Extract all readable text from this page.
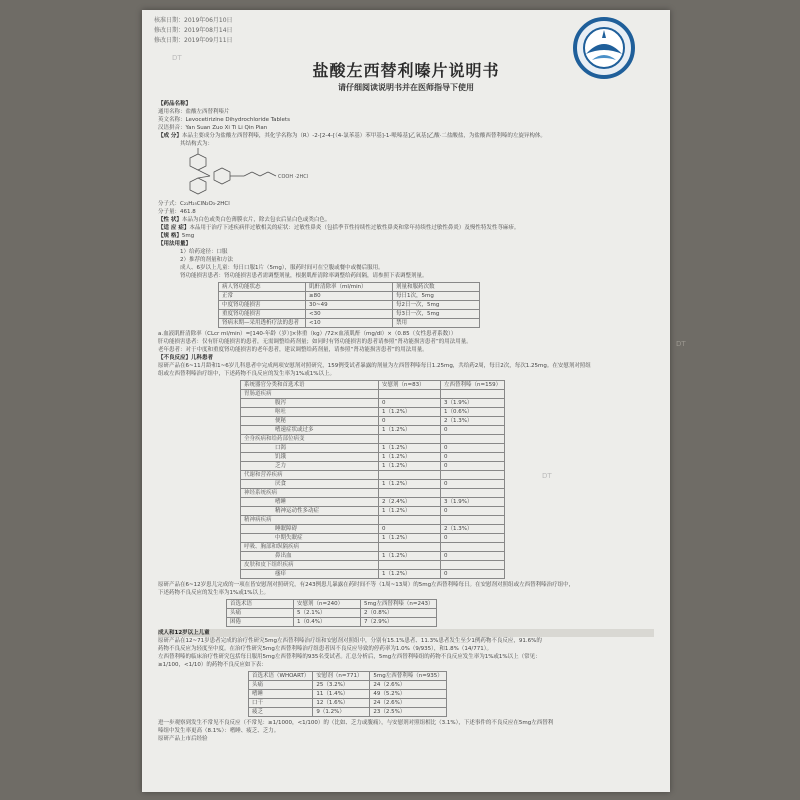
核准日期：2019年06月10日
修改日期：2019年08月14日
修改日期：2019年09月11日
DT
DT
盐酸左西替利嗪片说明书
请仔细阅读说明书并在医师指导下使用
【药品名称】
通用名称：盐酸左西替利嗪片
英文名称：Levocetirizine Dihydrochloride Tablets
汉语拼音：Yan Suan Zuo Xi Ti Li Qin Pian
【成 分】本品主要成分为盐酸左西替利嗪，其化学名称为（R）-2-[2-4-[（4-氯苯基）苯甲基]-1-哌嗪基]乙氧基]乙酸·二盐酸盐，为盐酸西替利嗪的左旋异构体。
其结构式为：
COOH ·2HCl
分子式：C₂₁H₂₅ClN₂O₃·2HCl
分子量：461.8
【性 状】本品为白色或类白色薄膜衣片，除去包衣后显白色或类白色。
【适 应 症】本品用于治疗下述疾病伴过敏相关的症状：过敏性鼻炎（包括季节性持续性过敏性鼻炎和常年持续性过敏性鼻炎）及慢性特发性荨麻疹。
【规 格】5mg
【用法用量】
1）给药途径：口服
2）推荐的剂量和方法
成人、6岁以上儿童：每日口服1片（5mg），服药时间可在空腹或餐中或餐后服用。
肾功能损害患者：肾功能损害患者需调整剂量，根据肌酐清除率调整给药间隔，请参照下表调整剂量。
病人肾功能状态	肌酐清除率（ml/min）	剂量和服药次数
正常	≥80	每日1次，5mg
中度肾功能损害	30~49	每2日一次，5mg
重度肾功能损害	<30	每3日一次，5mg
肾病末期—采用透析疗法的患者	<10	禁用
a.血液肌酐清除率（CLcr ml/min）=[140-年龄（岁）]×体重（kg）/72×血液肌酐（mg/dl）×（0.85（女性患者系数））
肝功能损害患者：仅有肝功能损害的患者，无需调整给药剂量；如同时有肾功能损害的患者请参照“肾功能损害患者”的用法用量。
老年患者：对于中度和重度肾功能损害的老年患者，建议调整给药剂量，请参照“肾功能损害患者”的用法用量。
【不良反应】儿科患者
原研产品在6~11月龄和1~6岁儿科患者中完成两项安慰剂对照研究，159例受试者暴露的剂量为左西替利嗪每日1.25mg，共给药2周，每日2次，每次1.25mg。在安慰剂对照组
组或左西替利嗪治疗组中，下述药物不良反应的发生率为1%或1%以上。
系统器官分类和首选术语	安慰剂（n=83）	左西替利嗪（n=159）
胃肠道疾病		
腹泻	0	3（1.9%）
呕吐	1（1.2%）	1（0.6%）
便秘	0	2（1.3%）
嗜速症状或过多	1（1.2%）	0
全身疾病和给药部位病变		
口渴	1（1.2%）	0
饥饿	1（1.2%）	0
乏力	1（1.2%）	0
代谢和营养疾病		
厌食	1（1.2%）	0
神经系统疾病		
嗜睡	2（2.4%）	3（1.9%）
精神运动性多动症	1（1.2%）	0
精神病疾病		
睡眠障碍	0	2（1.3%）
中期失眠症	1（1.2%）	0
呼吸、胸部和纵隔疾病		
鼻出血	1（1.2%）	0
皮肤和皮下组织疾病		
瘙痒	1（1.2%）	0
原研产品在6~12岁患儿完成的一项在皆安慰剂对照研究，有243例患儿暴露在药时间不等（1周~13周）的5mg左西替利嗪每日。在安慰剂对照组或左西替利嗪治疗组中，
下述药物不良反应的发生率为1%或1%以上。
首选术语	安慰剂（n=240）	5mg左西替利嗪（n=243）
头痛	5（2.1%）	2（0.8%）
困倦	1（0.4%）	7（2.9%）
成人和12岁以上儿童
原研产品在12~71岁患者完成的治疗性研究5mg左西替利嗪治疗组和安慰剂对照组中，分别有15.1%患者、11.3%患者发生至少1例药物不良反应，91.6%的
药物不良反应为轻度至中度。在治疗性研究5mg左西替利嗪治疗组患者因不良反应导致的停药率为1.0%（9/935），和1.8%（14/771）。
左西替利嗪的临床治疗性研究包括每日服用5mg左西替利嗪的935名受试者。汇总分析后，5mg左西替利嗪组的药物不良反应发生率为1%或1%以上（常见：
≥1/100，<1/10）的药物不良反应如下表：
首选术语（WHOART）	安慰剂（n=771）	5mg左西替利嗪（n=935）
头痛	25（3.2%）	24（2.6%）
嗜睡	11（1.4%）	49（5.2%）
口干	12（1.6%）	24（2.6%）
疲乏	9（1.2%）	23（2.5%）
进一步观察到发生不常见不良反应（不常见：≥1/1000，<1/100）的（比如、乏力或腹痛），与安慰剂对照组相比（3.1%），下述事件的不良反应在5mg左西替利
嗪组中发生率更高（8.1%）：嗜睡、疲乏、乏力。
原研产品上市后经验
DT
